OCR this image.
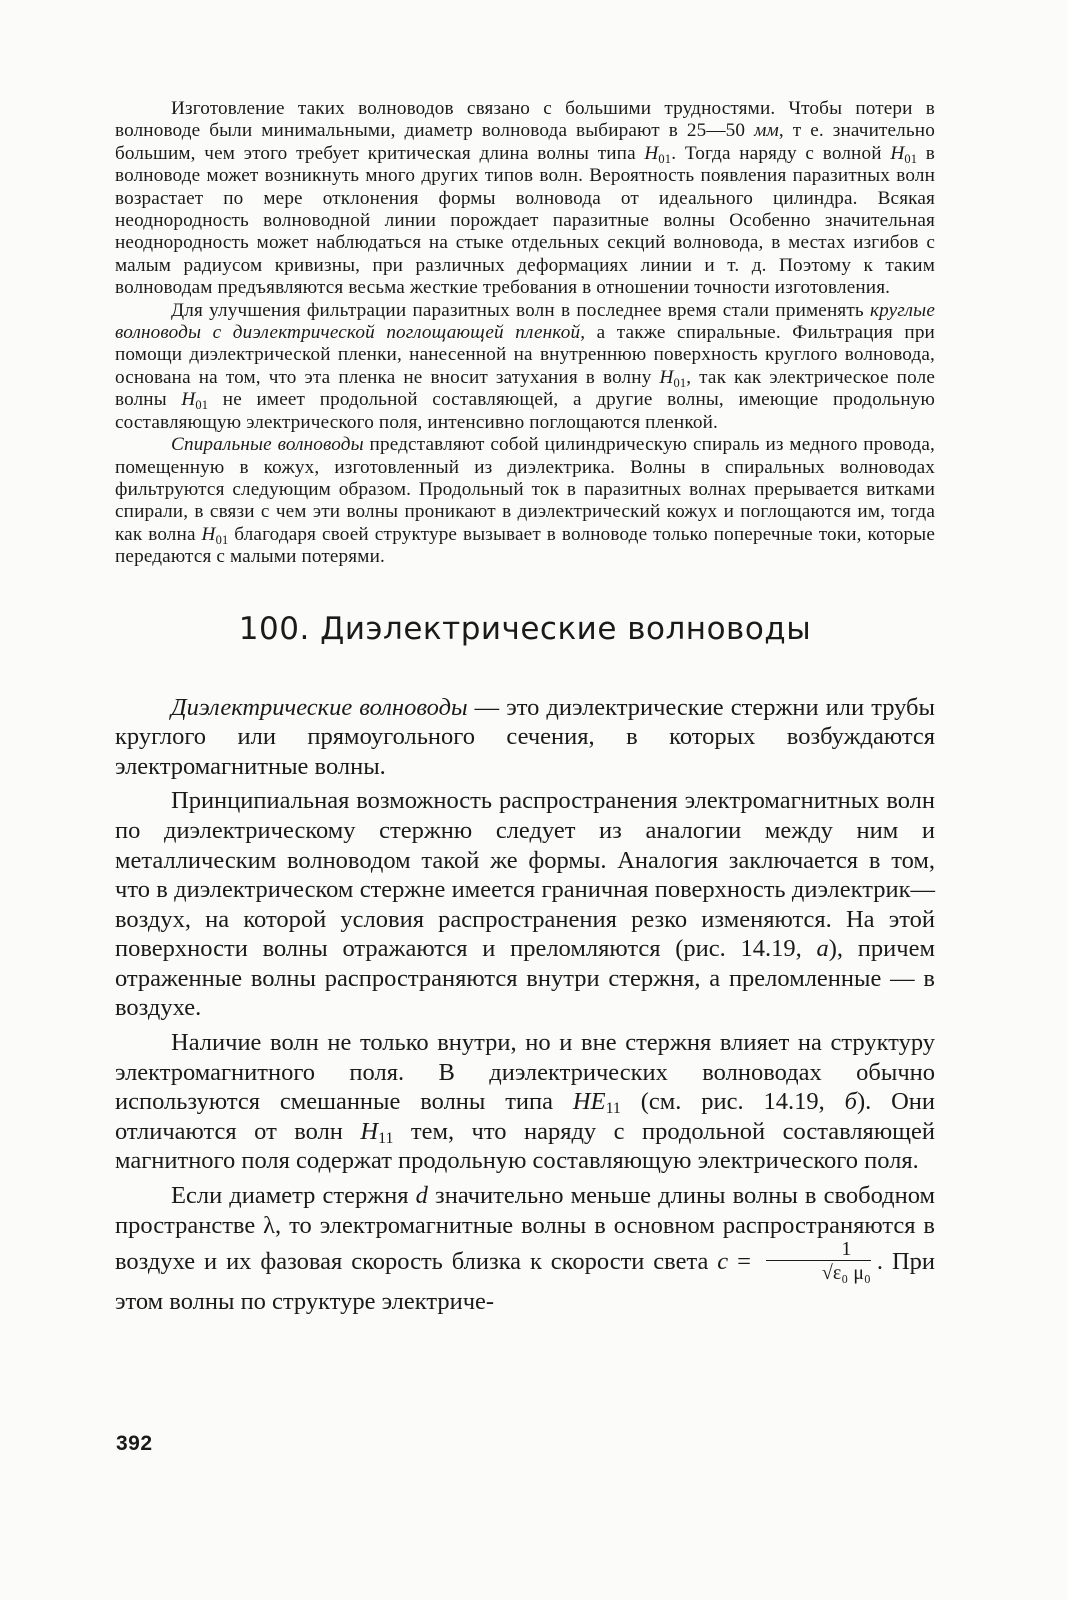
Изготовление таких волноводов связано с большими трудностями. Чтобы потери в волноводе были минимальными, диаметр волновода выбирают в 25—50 мм, т е. значительно большим, чем этого требует критическая длина волны типа $H_{01}$. Тогда наряду с волной $H_{01}$ в волноводе может возникнуть много других типов волн. Вероятность появления паразитных волн возрастает по мере отклонения формы волновода от идеального цилиндра. Всякая неоднородность волноводной линии порождает паразитные волны Особенно значительная неоднородность может наблюдаться на стыке отдельных секций волновода, в местах изгибов с малым радиусом кривизны, при различных деформациях линии и т. д. Поэтому к таким волноводам предъявляются весьма жесткие требования в отношении точности изготовления.

Для улучшения фильтрации паразитных волн в последнее время стали применять круглые волноводы с диэлектрической поглощающей пленкой, а также спиральные. Фильтрация при помощи диэлектрической пленки, нанесенной на внутреннюю поверхность круглого волновода, основана на том, что эта пленка не вносит затухания в волну $H_{01}$, так как электрическое поле волны $H_{01}$ не имеет продольной составляющей, а другие волны, имеющие продольную составляющую электрического поля, интенсивно поглощаются пленкой.

Спиральные волноводы представляют собой цилиндрическую спираль из медного провода, помещенную в кожух, изготовленный из диэлектрика. Волны в спиральных волноводах фильтруются следующим образом. Продольный ток в паразитных волнах прерывается витками спирали, в связи с чем эти волны проникают в диэлектрический кожух и поглощаются им, тогда как волна $H_{01}$ благодаря своей структуре вызывает в волноводе только поперечные токи, которые передаются с малыми потерями.

100. Диэлектрические волноводы

Диэлектрические волноводы — это диэлектрические стержни или трубы круглого или прямоугольного сечения, в которых возбуждаются электромагнитные волны.

Принципиальная возможность распространения электромагнитных волн по диэлектрическому стержню следует из аналогии между ним и металлическим волноводом такой же формы. Аналогия заключается в том, что в диэлектрическом стержне имеется граничная поверхность диэлектрик—воздух, на которой условия распространения резко изменяются. На этой поверхности волны отражаются и преломляются (рис. 14.19, а), причем отраженные волны распространяются внутри стержня, а преломленные — в воздухе.

Наличие волн не только внутри, но и вне стержня влияет на структуру электромагнитного поля. В диэлектрических волноводах обычно используются смешанные волны типа $HE_{11}$ (см. рис. 14.19, б). Они отличаются от волн $H_{11}$ тем, что наряду с продольной составляющей магнитного поля содержат продольную составляющую электрического поля.

Если диаметр стержня d значительно меньше длины волны в свободном пространстве λ, то электромагнитные волны в основном распространяются в воздухе и их фазовая скорость близка к скорости света $c = \frac{1}{\text{√ε₀ μ₀}}$ . При этом волны по структуре электриче-

392
